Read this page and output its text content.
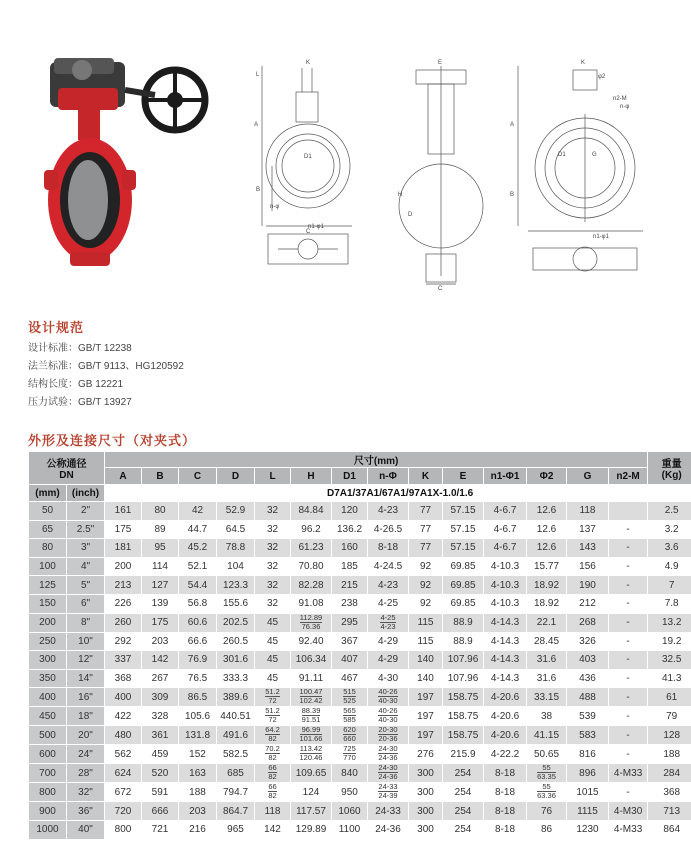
K
L
A
B
D1
n-φ
C
n1-φ1
E
H
D
C
K
φ2
n2-M
n-φ
A
B
D1	G
n1-φ1
设计规范
设计标准：GB/T 12238
法兰标准：GB/T 9113、HG120592
结构长度：GB 12221
压力试验：GB/T 13927
外形及连接尺寸（对夹式）
公称通径
DN		尺寸(mm)														重量
(Kg)
		A	B	C	D	L	H	D1	n-Φ	K	E	n1-Φ1	Φ2	G	n2-M	
(mm)	(inch)	D7A1/37A1/67A1/97A1X-1.0/1.6														
50	2"	161	80	42	52.9	32	84.84	120	4-23	77	57.15	4-6.7	12.6	118		2.5
65	2.5"	175	89	44.7	64.5	32	96.2	136.2	4-26.5	77	57.15	4-6.7	12.6	137	-	3.2
80	3"	181	95	45.2	78.8	32	61.23	160	8-18	77	57.15	4-6.7	12.6	143	-	3.6
100	4"	200	114	52.1	104	32	70.80	185	4-24.5	92	69.85	4-10.3	15.77	156	-	4.9
125	5"	213	127	54.4	123.3	32	82.28	215	4-23	92	69.85	4-10.3	18.92	190	-	7
150	6"	226	139	56.8	155.6	32	91.08	238	4-25	92	69.85	4-10.3	18.92	212	-	7.8
200	8"	260	175	60.6	202.5	45	$\frac{112.89}{76.36}$	295	$\frac{4-25}{4-23}$	115	88.9	4-14.3	22.1	268	-	13.2
250	10"	292	203	66.6	260.5	45	92.40	367	4-29	115	88.9	4-14.3	28.45	326	-	19.2
300	12"	337	142	76.9	301.6	45	106.34	407	4-29	140	107.96	4-14.3	31.6	403	-	32.5
350	14"	368	267	76.5	333.3	45	91.11	467	4-30	140	107.96	4-14.3	31.6	436	-	41.3
400	16"	400	309	86.5	389.6	$\frac{51.2}{72}$	$\frac{100.47}{102.42}$	$\frac{515}{525}$	$\frac{40-26}{40-30}$	197	158.75	4-20.6	33.15	488	-	61
450	18"	422	328	105.6	440.51	$\frac{51.2}{72}$	$\frac{88.39}{91.51}$	$\frac{565}{585}$	$\frac{40-26}{40-30}$	197	158.75	4-20.6	38	539	-	79
500	20"	480	361	131.8	491.6	$\frac{64.2}{82}$	$\frac{96.99}{101.66}$	$\frac{620}{660}$	$\frac{20-30}{20-36}$	197	158.75	4-20.6	41.15	583	-	128
600	24"	562	459	152	582.5	$\frac{70.2}{82}$	$\frac{113.42}{120.46}$	$\frac{725}{770}$	$\frac{24-30}{24-36}$	276	215.9	4-22.2	50.65	816	-	188
700	28"	624	520	163	685	$\frac{66}{82}$	109.65	840	$\frac{24-30}{24-36}$	300	254	8-18	$\frac{55}{63.35}$	896	4-M33	284
800	32"	672	591	188	794.7	$\frac{66}{82}$	124	950	$\frac{24-33}{24-39}$	300	254	8-18	$\frac{55}{63.36}$	1015	-	368
900	36"	720	666	203	864.7	118	117.57	1060	24-33	300	254	8-18	76	1115	4-M30	713
1000	40"	800	721	216	965	142	129.89	1100	24-36	300	254	8-18	86	1230	4-M33	864
